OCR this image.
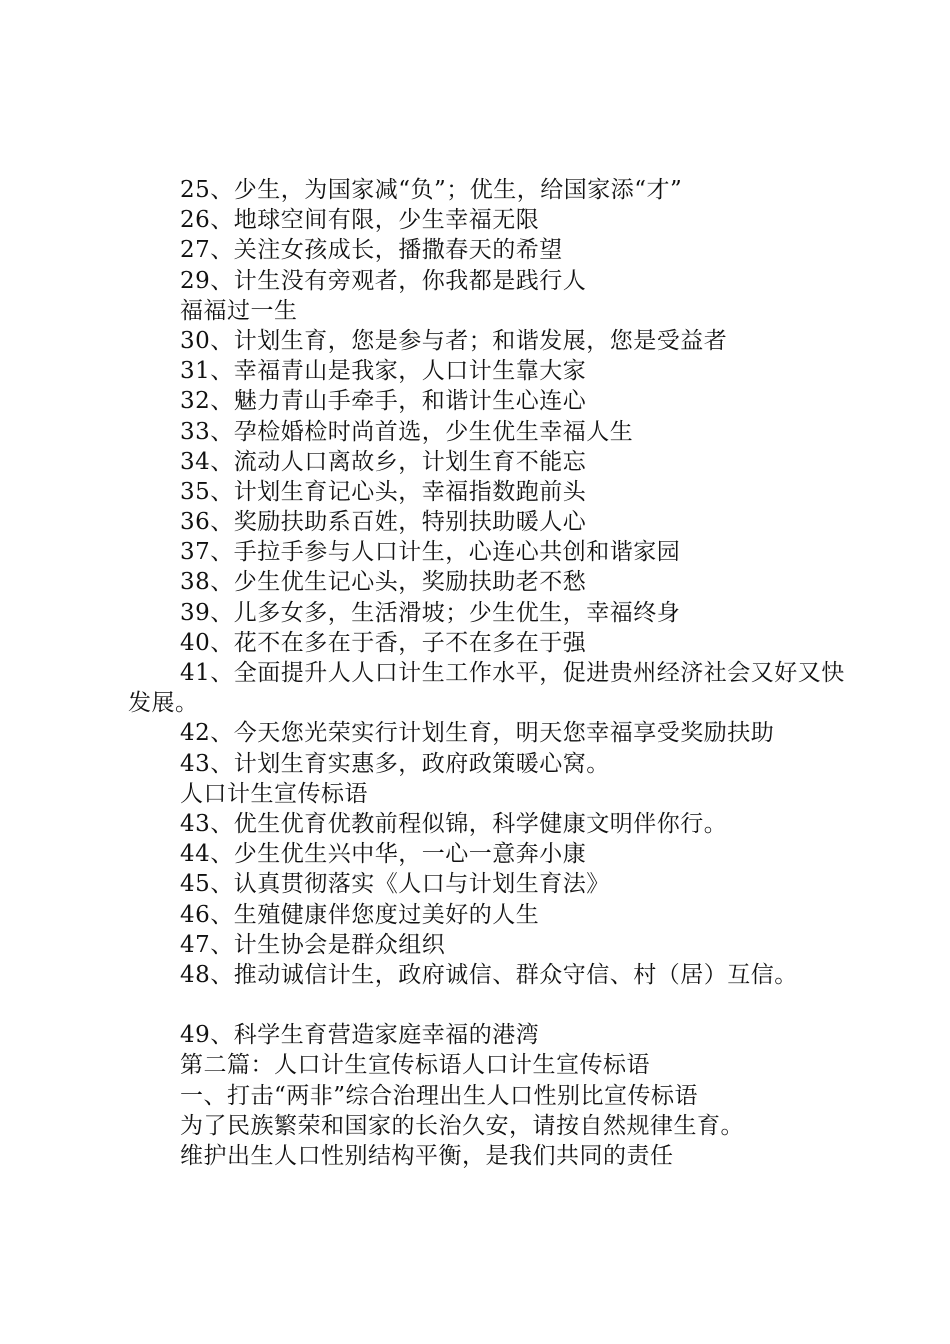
25、少生，为国家减“负”；优生，给国家添“才”
26、地球空间有限，少生幸福无限
27、关注女孩成长，播撒春天的希望
29、计生没有旁观者，你我都是践行人
福福过一生
30、计划生育，您是参与者；和谐发展，您是受益者
31、幸福青山是我家，人口计生靠大家
32、魅力青山手牵手，和谐计生心连心
33、孕检婚检时尚首选，少生优生幸福人生
34、流动人口离故乡，计划生育不能忘
35、计划生育记心头，幸福指数跑前头
36、奖励扶助系百姓，特别扶助暖人心
37、手拉手参与人口计生，心连心共创和谐家园
38、少生优生记心头，奖励扶助老不愁
39、儿多女多，生活滑坡；少生优生，幸福终身
40、花不在多在于香，子不在多在于强
41、全面提升人人口计生工作水平，促进贵州经济社会又好又快发展。
42、今天您光荣实行计划生育，明天您幸福享受奖励扶助
43、计划生育实惠多，政府政策暖心窝。
人口计生宣传标语
43、优生优育优教前程似锦，科学健康文明伴你行。
44、少生优生兴中华，一心一意奔小康
45、认真贯彻落实《人口与计划生育法》
46、生殖健康伴您度过美好的人生
47、计生协会是群众组织
48、推动诚信计生，政府诚信、群众守信、村（居）互信。
49、科学生育营造家庭幸福的港湾
第二篇：人口计生宣传标语人口计生宣传标语
一、打击“两非”综合治理出生人口性别比宣传标语
为了民族繁荣和国家的长治久安，请按自然规律生育。
维护出生人口性别结构平衡，是我们共同的责任
